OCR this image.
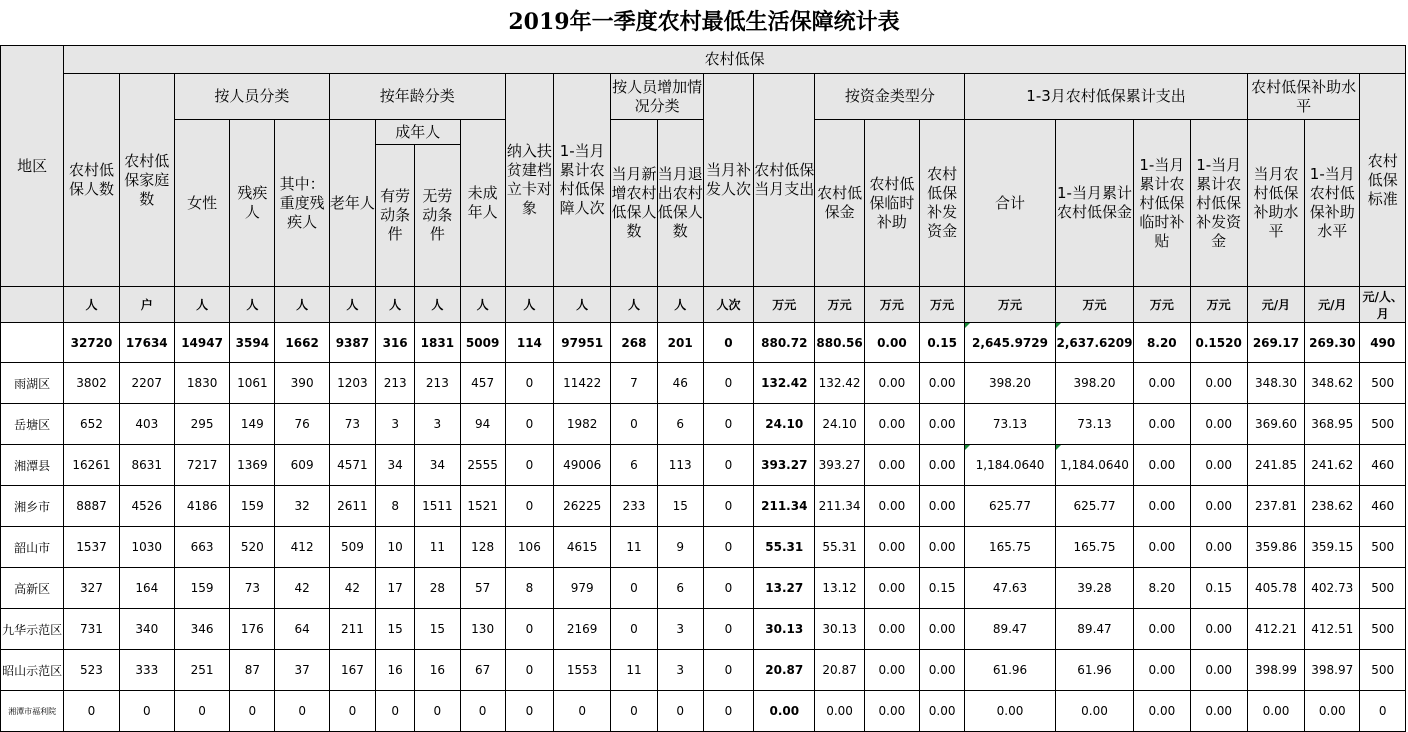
2019年一季度农村最低生活保障统计表
地区	农村低保																								
	农村低保人数	农村低保家庭数	按人员分类			按年龄分类				纳入扶贫建档立卡对象	1-当月累计农村低保障人次	按人员增加情况分类		当月补发人次	农村低保当月支出	按资金类型分			1-3月农村低保累计支出				农村低保补助水平		农村低保标准
			女性	残疾人	其中：重度残疾人	老年人	成年人		未成年人			当月新增农村低保人数	当月退出农村低保人数			农村低保金	农村低保临时补助	农村低保补发资金	合计	1-当月累计农村低保金	1-当月累计农村低保临时补贴	1-当月累计农村低保补发资金	当月农村低保补助水平	1-当月农村低保补助水平	
							有劳动条件	无劳动条件																	
	人	户	人	人	人	人	人	人	人	人	人	人	人	人次	万元	万元	万元	万元	万元	万元	万元	万元	元/月	元/月	元/人、月
	32720	17634	14947	3594	1662	9387	316	1831	5009	114	97951	268	201	0	880.72	880.56	0.00	0.15	2,645.9729	2,637.6209	8.20	0.1520	269.17	269.30	490
雨湖区	3802	2207	1830	1061	390	1203	213	213	457	0	11422	7	46	0	132.42	132.42	0.00	0.00	398.20	398.20	0.00	0.00	348.30	348.62	500
岳塘区	652	403	295	149	76	73	3	3	94	0	1982	0	6	0	24.10	24.10	0.00	0.00	73.13	73.13	0.00	0.00	369.60	368.95	500
湘潭县	16261	8631	7217	1369	609	4571	34	34	2555	0	49006	6	113	0	393.27	393.27	0.00	0.00	1,184.0640	1,184.0640	0.00	0.00	241.85	241.62	460
湘乡市	8887	4526	4186	159	32	2611	8	1511	1521	0	26225	233	15	0	211.34	211.34	0.00	0.00	625.77	625.77	0.00	0.00	237.81	238.62	460
韶山市	1537	1030	663	520	412	509	10	11	128	106	4615	11	9	0	55.31	55.31	0.00	0.00	165.75	165.75	0.00	0.00	359.86	359.15	500
高新区	327	164	159	73	42	42	17	28	57	8	979	0	6	0	13.27	13.12	0.00	0.15	47.63	39.28	8.20	0.15	405.78	402.73	500
九华示范区	731	340	346	176	64	211	15	15	130	0	2169	0	3	0	30.13	30.13	0.00	0.00	89.47	89.47	0.00	0.00	412.21	412.51	500
昭山示范区	523	333	251	87	37	167	16	16	67	0	1553	11	3	0	20.87	20.87	0.00	0.00	61.96	61.96	0.00	0.00	398.99	398.97	500
湘潭市福利院	0	0	0	0	0	0	0	0	0	0	0	0	0	0	0.00	0.00	0.00	0.00	0.00	0.00	0.00	0.00	0.00	0.00	0
